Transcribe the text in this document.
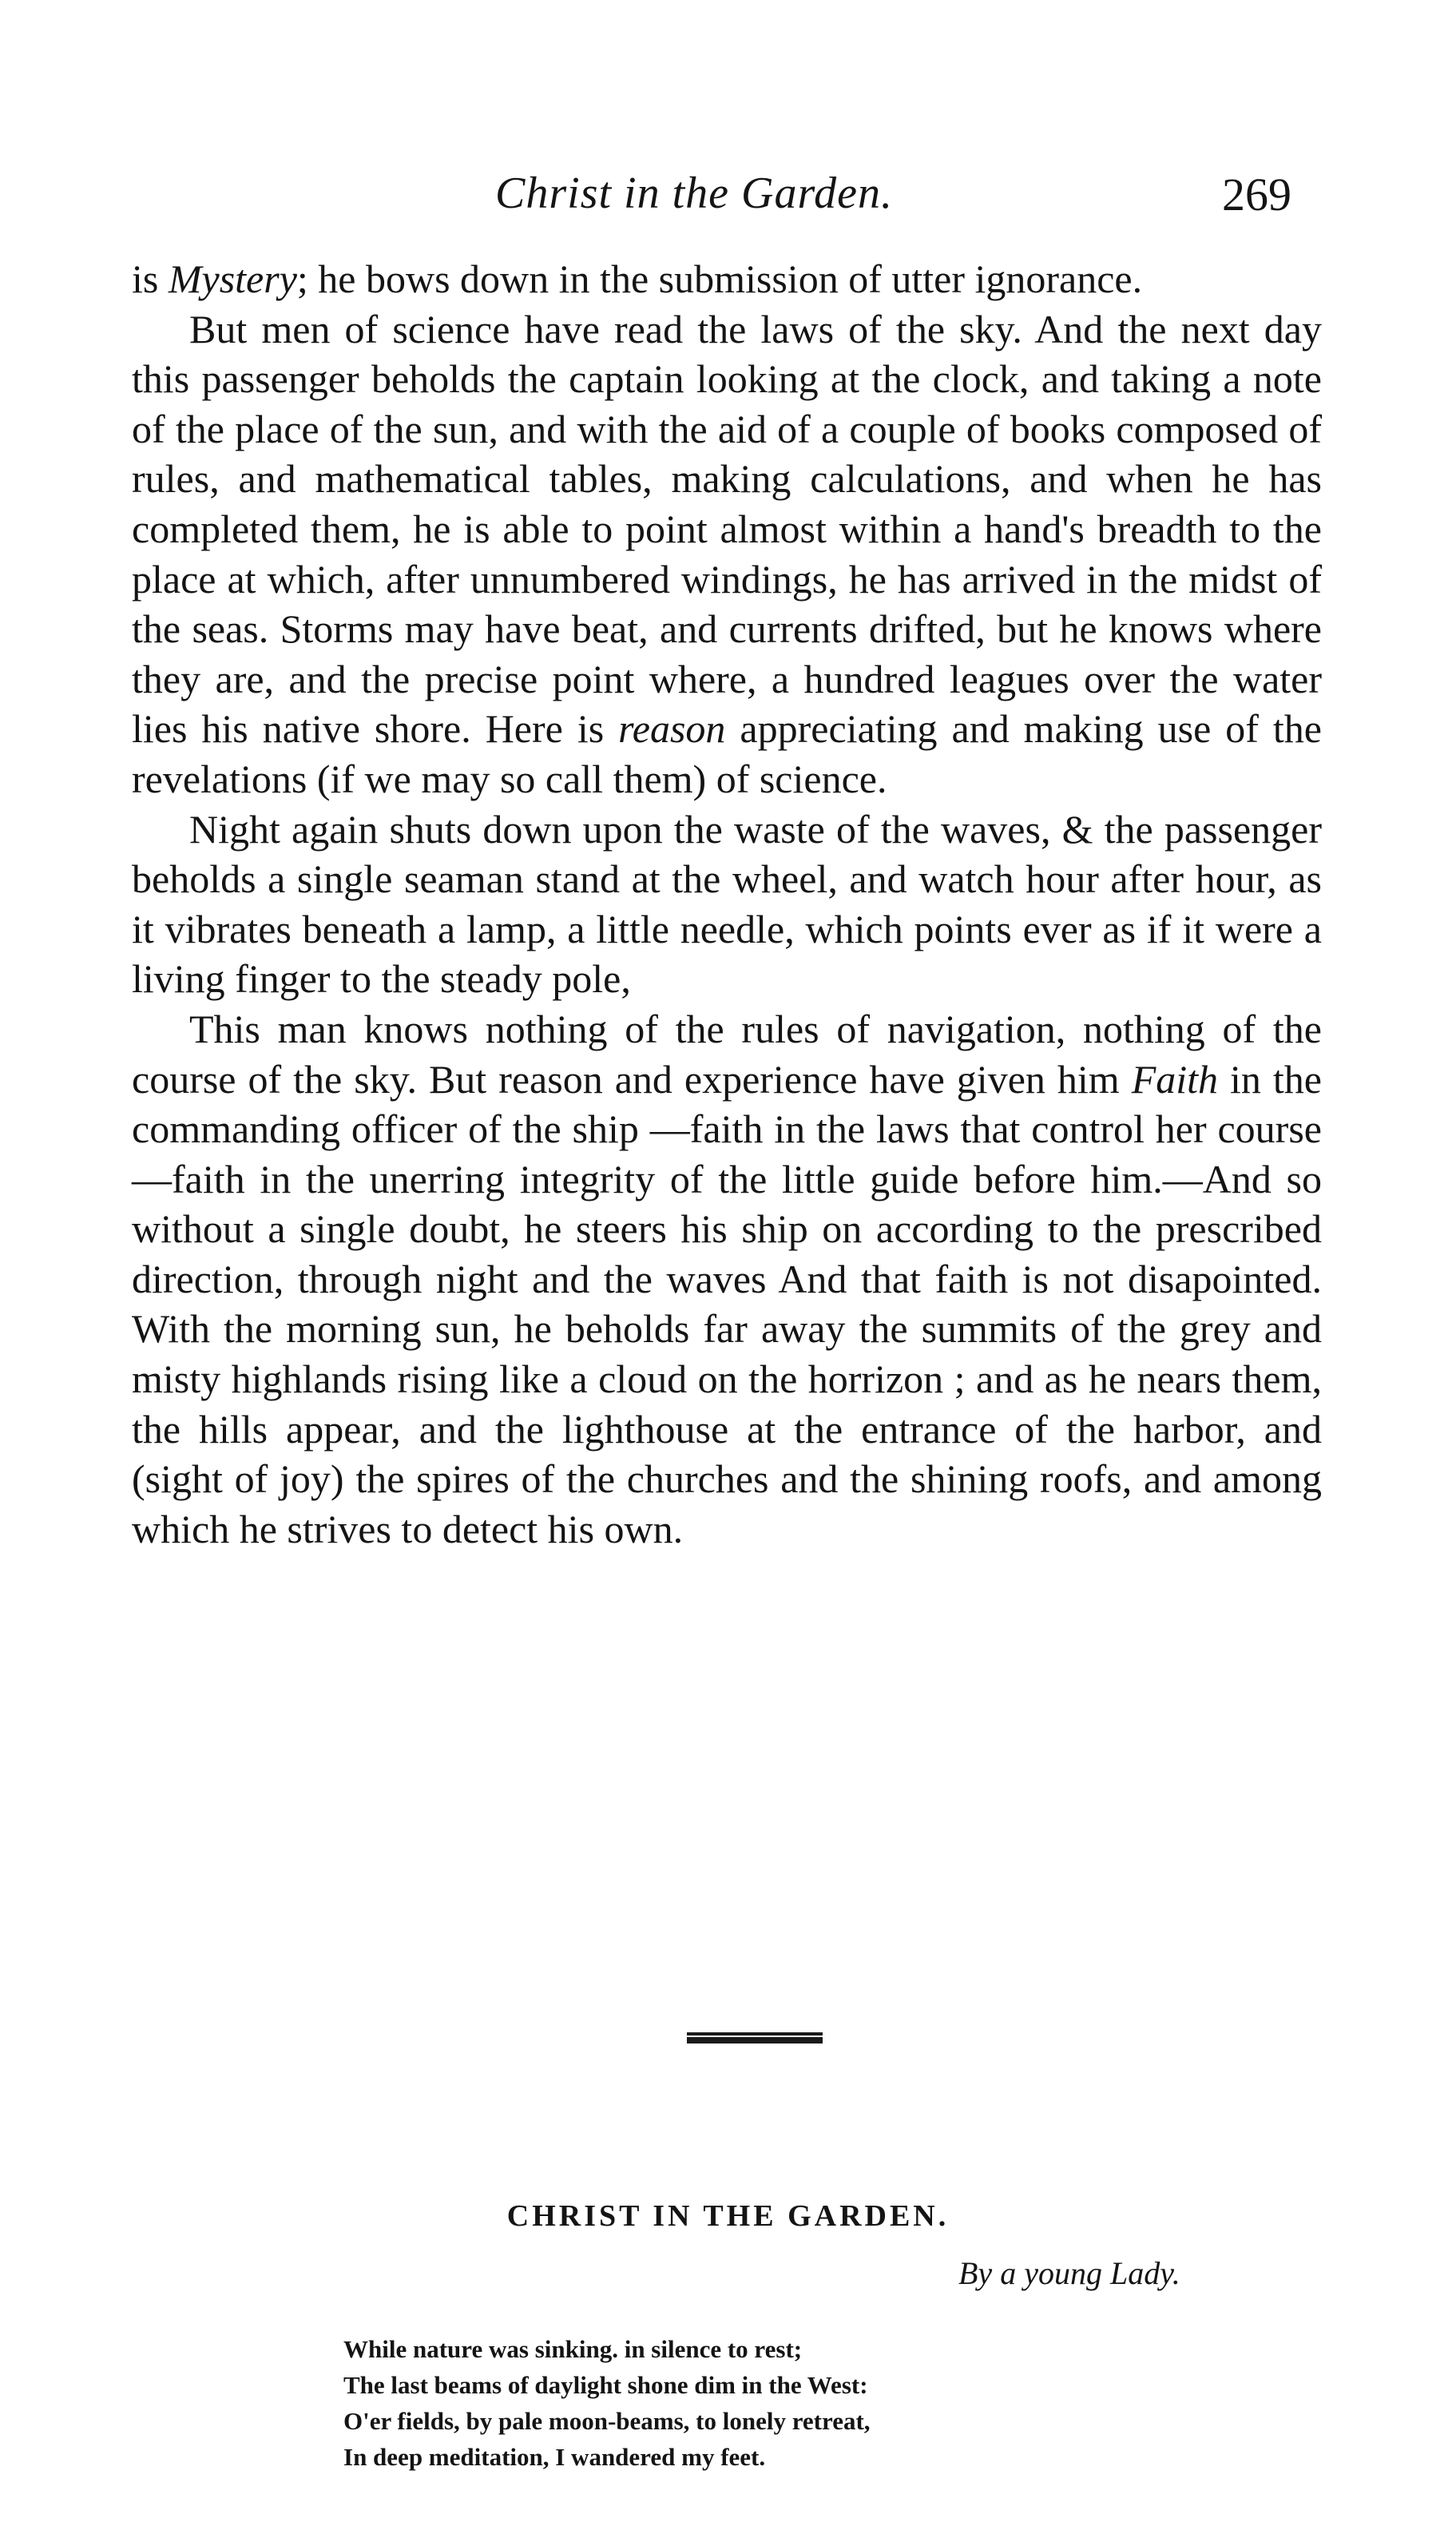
Christ in the Garden.	269

is Mystery; he bows down in the submission of utter ignorance.

But men of science have read the laws of the sky. And the next day this passenger beholds the captain looking at the clock, and taking a note of the place of the sun, and with the aid of a couple of books composed of rules, and mathematical tables, making calculations, and when he has completed them, he is able to point almost within a hand's breadth to the place at which, after unnumbered windings, he has arrived in the midst of the seas. Storms may have beat, and currents drifted, but he knows where they are, and the precise point where, a hundred leagues over the water lies his native shore. Here is reason appreciating and making use of the revelations (if we may so call them) of science.

Night again shuts down upon the waste of the waves, & the passenger beholds a single seaman stand at the wheel, and watch hour after hour, as it vibrates beneath a lamp, a little needle, which points ever as if it were a living finger to the steady pole,

This man knows nothing of the rules of navigation, nothing of the course of the sky. But reason and experience have given him Faith in the commanding officer of the ship —faith in the laws that control her course—faith in the unerring integrity of the little guide before him.—And so without a single doubt, he steers his ship on according to the prescribed direction, through night and the waves And that faith is not disapointed. With the morning sun, he beholds far away the summits of the grey and misty highlands rising like a cloud on the horrizon ; and as he nears them, the hills appear, and the lighthouse at the entrance of the harbor, and (sight of joy) the spires of the churches and the shining roofs, and among which he strives to detect his own.

CHRIST IN THE GARDEN.
By a young Lady.
While nature was sinking. in silence to rest;
The last beams of daylight shone dim in the West:
O'er fields, by pale moon-beams, to lonely retreat,
In deep meditation, I wandered my feet.
